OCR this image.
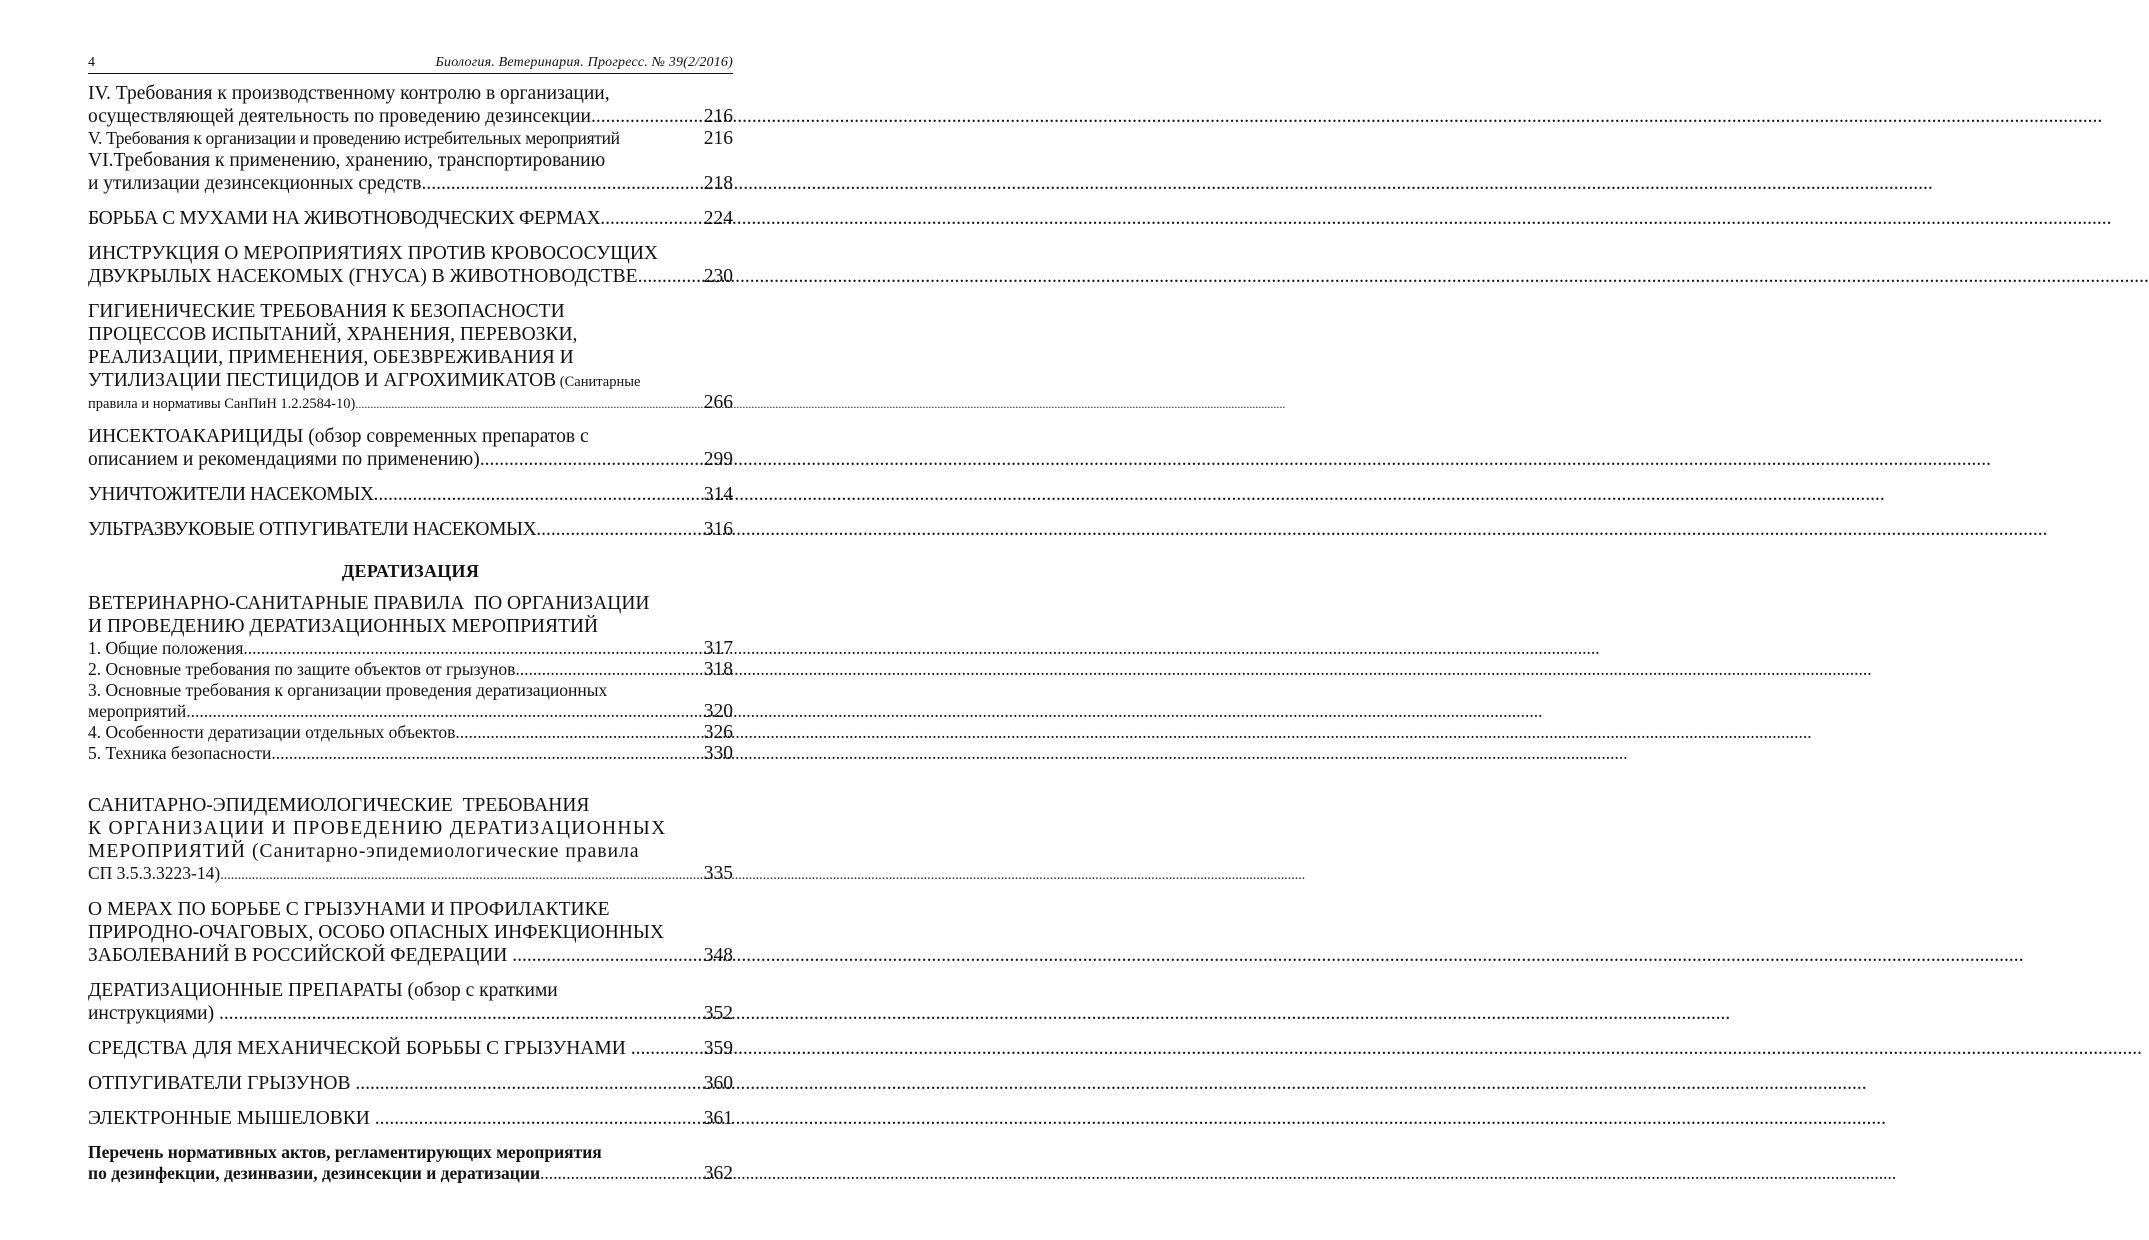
4	Биология. Ветеринария. Прогресс. № 39(2/2016)
IV. Требования к производственному контролю в организации,
осуществляющей деятельность по проведению дезинсекции .....	216
V. Требования к организации и проведению истребительных мероприятий	216
VI.Требования к применению, хранению, транспортированию
и утилизации дезинсекционных средств .....	218
БОРЬБА С МУХАМИ НА ЖИВОТНОВОДЧЕСКИХ ФЕРМАХ .....	224
ИНСТРУКЦИЯ О МЕРОПРИЯТИЯХ ПРОТИВ КРОВОСОСУЩИХ
ДВУКРЫЛЫХ НАСЕКОМЫХ (ГНУСА) В ЖИВОТНОВОДСТВЕ .....	230
ГИГИЕНИЧЕСКИЕ ТРЕБОВАНИЯ К БЕЗОПАСНОСТИ
ПРОЦЕССОВ ИСПЫТАНИЙ, ХРАНЕНИЯ, ПЕРЕВОЗКИ,
РЕАЛИЗАЦИИ, ПРИМЕНЕНИЯ, ОБЕЗВРЕЖИВАНИЯ И
УТИЛИЗАЦИИ ПЕСТИЦИДОВ И АГРОХИМИКАТОВ (Санитарные
правила и нормативы СанПиН 1.2.2584-10) .....	266
ИНСЕКТОАКАРИЦИДЫ (обзор современных препаратов с
описанием и рекомендациями по применению) .....	299
УНИЧТОЖИТЕЛИ НАСЕКОМЫХ .....	314
УЛЬТРАЗВУКОВЫЕ ОТПУГИВАТЕЛИ НАСЕКОМЫХ .....	316
ДЕРАТИЗАЦИЯ
ВЕТЕРИНАРНО-САНИТАРНЫЕ ПРАВИЛА  ПО ОРГАНИЗАЦИИ
И ПРОВЕДЕНИЮ ДЕРАТИЗАЦИОННЫХ МЕРОПРИЯТИЙ
1. Общие положения .....	317
2. Основные требования по защите объектов от грызунов .....	318
3. Основные требования к организации проведения дератизационных
мероприятий .....	320
4. Особенности дератизации отдельных объектов .....	326
5. Техника безопасности .....	330
САНИТАРНО-ЭПИДЕМИОЛОГИЧЕСКИЕ  ТРЕБОВАНИЯ
К ОРГАНИЗАЦИИ И ПРОВЕДЕНИЮ ДЕРАТИЗАЦИОННЫХ
МЕРОПРИЯТИЙ (Санитарно-эпидемиологические правила
СП 3.5.3.3223-14) .....	335
О МЕРАХ ПО БОРЬБЕ С ГРЫЗУНАМИ И ПРОФИЛАКТИКЕ
ПРИРОДНО-ОЧАГОВЫХ, ОСОБО ОПАСНЫХ ИНФЕКЦИОННЫХ
ЗАБОЛЕВАНИЙ В РОССИЙСКОЙ ФЕДЕРАЦИИ .....	348
ДЕРАТИЗАЦИОННЫЕ ПРЕПАРАТЫ (обзор с краткими
инструкциями) .....	352
СРЕДСТВА ДЛЯ МЕХАНИЧЕСКОЙ БОРЬБЫ С ГРЫЗУНАМИ .....	359
ОТПУГИВАТЕЛИ ГРЫЗУНОВ .....	360
ЭЛЕКТРОННЫЕ МЫШЕЛОВКИ .....	361
Перечень нормативных актов, регламентирующих мероприятия
по дезинфекции, дезинвазии, дезинсекции и дератизации .....	362
